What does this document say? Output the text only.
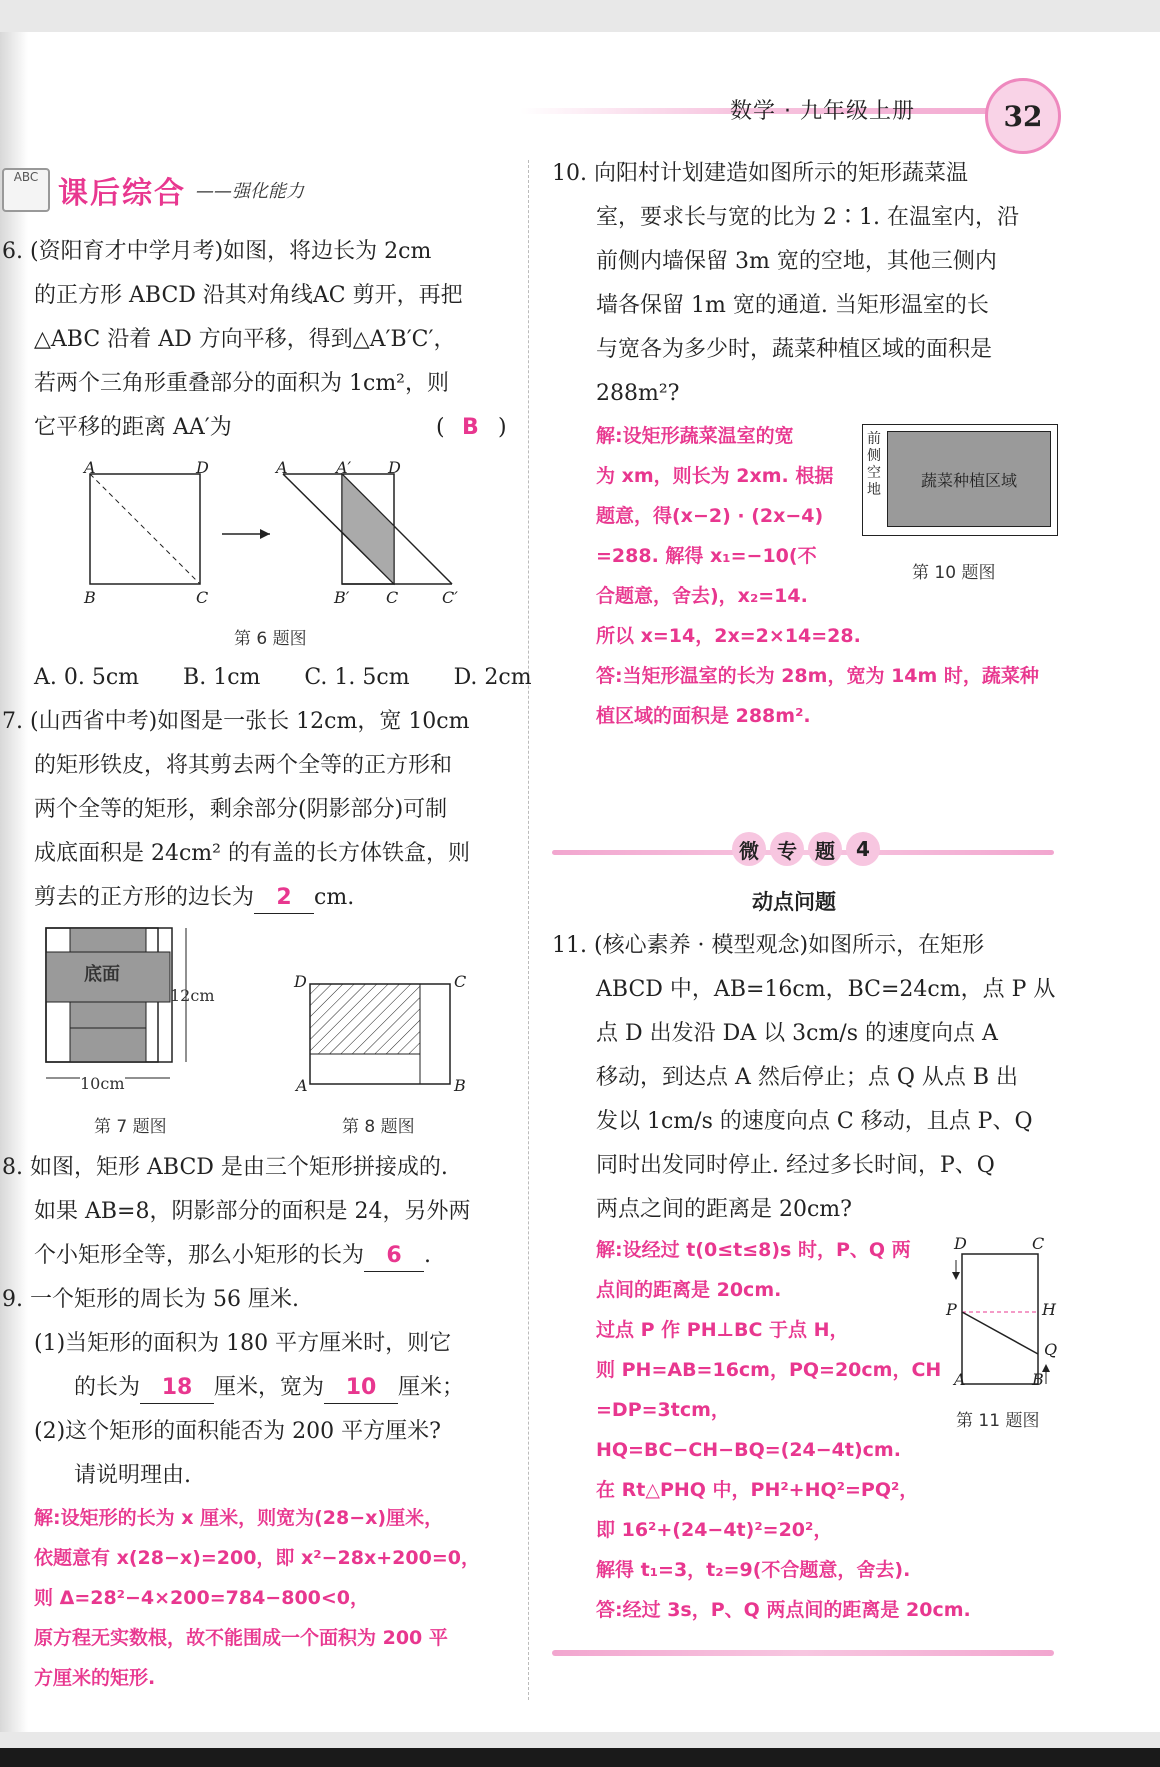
数学 · 九年级上册	32
ABC 课后综合 ——强化能力
6. (资阳育才中学月考)如图，将边长为 2cm
的正方形 ABCD 沿其对角线AC 剪开，再把
△ABC 沿着 AD 方向平移，得到△A′B′C′，
若两个三角形重叠部分的面积为 1cm²，则
它平移的距离 AA′为	( B )
A	D
B	C
A	A′ D
B′ C	C′
第 6 题图
A. 0. 5cm　　B. 1cm　　C. 1. 5cm　　D. 2cm
7. (山西省中考)如图是一张长 12cm，宽 10cm
的矩形铁皮，将其剪去两个全等的正方形和
两个全等的矩形，剩余部分(阴影部分)可制
成底面积是 24cm² 的有盖的长方体铁盒，则
剪去的正方形的边长为 2 cm.
底面
12cm
10cm
第 7 题图
D	C
A	B
第 8 题图
8. 如图，矩形 ABCD 是由三个矩形拼接成的.
如果 AB=8，阴影部分的面积是 24，另外两
个小矩形全等，那么小矩形的长为 6 .
9. 一个矩形的周长为 56 厘米.
(1)当矩形的面积为 180 平方厘米时，则它
的长为 18 厘米，宽为 10 厘米；
(2)这个矩形的面积能否为 200 平方厘米?
请说明理由.
解:设矩形的长为 x 厘米，则宽为(28−x)厘米，
依题意有 x(28−x)=200，即 x²−28x+200=0，
则 Δ=28²−4×200=784−800<0，
原方程无实数根，故不能围成一个面积为 200 平
方厘米的矩形.
10. 向阳村计划建造如图所示的矩形蔬菜温
室，要求长与宽的比为 2∶1. 在温室内，沿
前侧内墙保留 3m 宽的空地，其他三侧内
墙各保留 1m 宽的通道. 当矩形温室的长
与宽各为多少时，蔬菜种植区域的面积是
288m²?
解:设矩形蔬菜温室的宽
为 xm，则长为 2xm. 根据
题意，得(x−2) · (2x−4)
=288. 解得 x₁=−10(不
合题意，舍去)，x₂=14.
所以 x=14，2x=2×14=28.
答:当矩形温室的长为 28m，宽为 14m 时，蔬菜种
植区域的面积是 288m².
前侧空地
蔬菜种植区域
第 10 题图
微 专 题	4
动点问题
11. (核心素养 · 模型观念)如图所示，在矩形
ABCD 中，AB=16cm，BC=24cm，点 P 从
点 D 出发沿 DA 以 3cm/s 的速度向点 A
移动，到达点 A 然后停止；点 Q 从点 B 出
发以 1cm/s 的速度向点 C 移动，且点 P、Q
同时出发同时停止. 经过多长时间，P、Q
两点之间的距离是 20cm?
解:设经过 t(0≤t≤8)s 时，P、Q 两
点间的距离是 20cm.
过点 P 作 PH⊥BC 于点 H，
则 PH=AB=16cm，PQ=20cm，CH
=DP=3tcm，
HQ=BC−CH−BQ=(24−4t)cm.
在 Rt△PHQ 中，PH²+HQ²=PQ²，
即 16²+(24−4t)²=20²，
解得 t₁=3，t₂=9(不合题意，舍去).
答:经过 3s，P、Q 两点间的距离是 20cm.
D	C
P	H
Q
A	B
第 11 题图
